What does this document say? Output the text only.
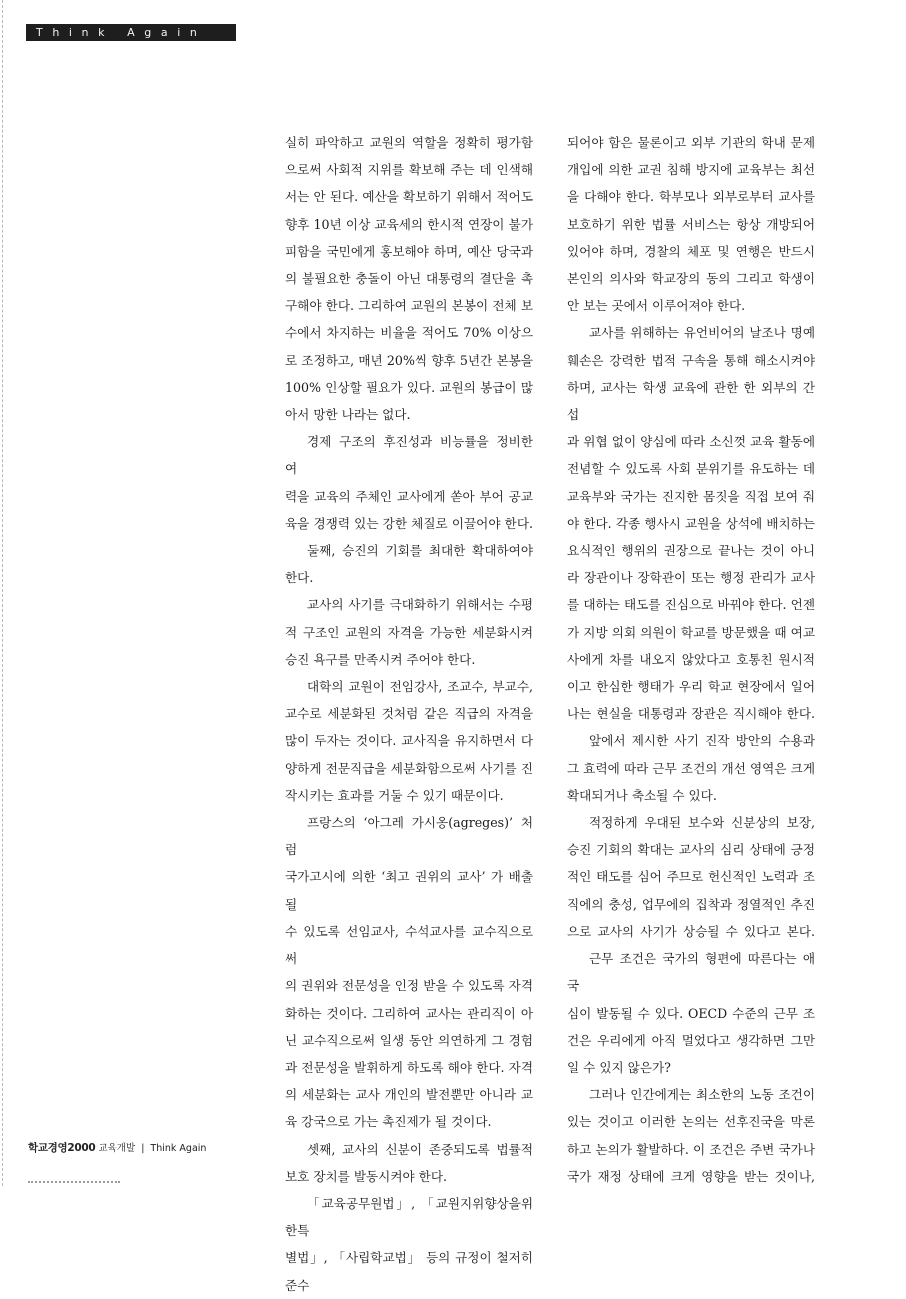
Think Again

실히 파악하고 교원의 역할을 정확히 평가함

으로써 사회적 지위를 확보해 주는 데 인색해

서는 안 된다. 예산을 확보하기 위해서 적어도

향후 10년 이상 교육세의 한시적 연장이 불가

피함을 국민에게 홍보해야 하며, 예산 당국과

의 불필요한 충돌이 아닌 대통령의 결단을 촉

구해야 한다. 그리하여 교원의 본봉이 전체 보

수에서 차지하는 비율을 적어도 70% 이상으

로 조정하고, 매년 20%씩 향후 5년간 본봉을

100% 인상할 필요가 있다. 교원의 봉급이 많

아서 망한 나라는 없다.

경제 구조의 후진성과 비능률을 정비한 여

력을 교육의 주체인 교사에게 쏟아 부어 공교

육을 경쟁력 있는 강한 체질로 이끌어야 한다.

둘째, 승진의 기회를 최대한 확대하여야

한다.

교사의 사기를 극대화하기 위해서는 수평

적 구조인 교원의 자격을 가능한 세분화시켜

승진 욕구를 만족시켜 주어야 한다.

대학의 교원이 전임강사, 조교수, 부교수,

교수로 세분화된 것처럼 같은 직급의 자격을

많이 두자는 것이다. 교사직을 유지하면서 다

양하게 전문직급을 세분화함으로써 사기를 진

작시키는 효과를 거둘 수 있기 때문이다.

프랑스의 ‘아그레 가시옹(agreges)’ 처럼

국가고시에 의한 ‘최고 권위의 교사’ 가 배출될

수 있도록 선임교사, 수석교사를 교수직으로써

의 권위와 전문성을 인정 받을 수 있도록 자격

화하는 것이다. 그리하여 교사는 관리직이 아

닌 교수직으로써 일생 동안 의연하게 그 경험

과 전문성을 발휘하게 하도록 해야 한다. 자격

의 세분화는 교사 개인의 발전뿐만 아니라 교

육 강국으로 가는 촉진제가 될 것이다.

셋째, 교사의 신분이 존중되도록 법률적

보호 장치를 발동시켜야 한다.

「교육공무원법」, 「교원지위향상을위한특

별법」, 「사립학교법」 등의 규정이 철저히 준수

되어야 함은 물론이고 외부 기관의 학내 문제

개입에 의한 교권 침해 방지에 교육부는 최선

을 다해야 한다. 학부모나 외부로부터 교사를

보호하기 위한 법률 서비스는 항상 개방되어

있어야 하며, 경찰의 체포 및 연행은 반드시

본인의 의사와 학교장의 동의 그리고 학생이

안 보는 곳에서 이루어져야 한다.

교사를 위해하는 유언비어의 날조나 명예

훼손은 강력한 법적 구속을 통해 해소시켜야

하며, 교사는 학생 교육에 관한 한 외부의 간섭

과 위협 없이 양심에 따라 소신껏 교육 활동에

전념할 수 있도록 사회 분위기를 유도하는 데

교육부와 국가는 진지한 몸짓을 직접 보여 줘

야 한다. 각종 행사시 교원을 상석에 배치하는

요식적인 행위의 권장으로 끝나는 것이 아니

라 장관이나 장학관이 또는 행정 관리가 교사

를 대하는 태도를 진심으로 바꿔야 한다. 언젠

가 지방 의회 의원이 학교를 방문했을 때 여교

사에게 차를 내오지 않았다고 호통친 원시적

이고 한심한 행태가 우리 학교 현장에서 일어

나는 현실을 대통령과 장관은 직시해야 한다.

앞에서 제시한 사기 진작 방안의 수용과

그 효력에 따라 근무 조건의 개선 영역은 크게

확대되거나 축소될 수 있다.

적정하게 우대된 보수와 신분상의 보장,

승진 기회의 확대는 교사의 심리 상태에 긍정

적인 태도를 심어 주므로 헌신적인 노력과 조

직에의 충성, 업무에의 집착과 정열적인 추진

으로 교사의 사기가 상승될 수 있다고 본다.

근무 조건은 국가의 형편에 따른다는 애국

심이 발동될 수 있다. OECD 수준의 근무 조

건은 우리에게 아직 멀었다고 생각하면 그만

일 수 있지 않은가?

그러나 인간에게는 최소한의 노동 조건이

있는 것이고 이러한 논의는 선후진국을 막론

하고 논의가 활발하다. 이 조건은 주변 국가나

국가 재정 상태에 크게 영향을 받는 것이나,

학교경영2000 교육개발 | Think Again
